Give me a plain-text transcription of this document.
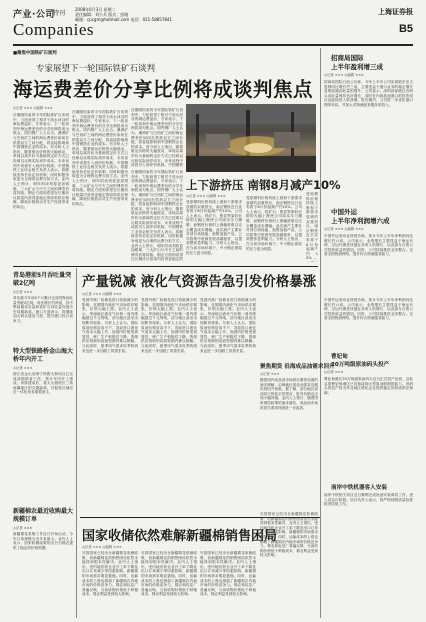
产业·公司
特刊
2008年6月3日 星期二
责任编辑：刘小兵 版式：彭晓
邮箱：cpcgm@hotmail.com 电话：021-58857841
上海证券报
Companies	B5
■聚焦中国铁矿石谈判
专家展望下一轮国际铁矿石谈判
海运费差价分享比例将成谈判焦点
◎记者 ××× ◎编辑 ×××
在刚刚结束的今年国际铁矿石谈判中，力拓获得了相对于淡水河谷的海运费溢价，专家表示，下一轮谈判中海运费差价的分享比例将成为焦点。国内钢厂人士认为，澳洲矿与巴西矿之间的海运费差价如何在供需双方之间分配，将直接影响到中国钢铁企业的成本。有分析人士指出，随着航运价格的大幅波动，单纯以离岸价为基础的定价方式已经难以反映实际到岸成本，未来谈判中或将引入到岸价机制。中国钢铁工业协会相关负责人表示，将继续坚持长协定价机制，同时积极争取更为合理的运费分担方式。业内人士预计，明年的谈判将更加艰难，三大矿山与中方之间的博弈仍将持续。钢企方面则希望在长期协议框架内获得更稳定的原料供应保障，降低价格波动对生产经营带来的冲击。
在刚刚结束的今年国际铁矿石谈判中，力拓获得了相对于淡水河谷的海运费溢价，专家表示，下一轮谈判中海运费差价的分享比例将成为焦点。国内钢厂人士认为，澳洲矿与巴西矿之间的海运费差价如何在供需双方之间分配，将直接影响到中国钢铁企业的成本。有分析人士指出，随着航运价格的大幅波动，单纯以离岸价为基础的定价方式已经难以反映实际到岸成本，未来谈判中或将引入到岸价机制。中国钢铁工业协会相关负责人表示，将继续坚持长协定价机制，同时积极争取更为合理的运费分担方式。业内人士预计，明年的谈判将更加艰难，三大矿山与中方之间的博弈仍将持续。钢企方面则希望在长期协议框架内获得更稳定的原料供应保障，降低价格波动对生产经营带来的冲击。
在刚刚结束的今年国际铁矿石谈判中，力拓获得了相对于淡水河谷的海运费溢价，专家表示，下一轮谈判中海运费差价的分享比例将成为焦点。国内钢厂人士认为，澳洲矿与巴西矿之间的海运费差价如何在供需双方之间分配，将直接影响到中国钢铁企业的成本。有分析人士指出，随着航运价格的大幅波动，单纯以离岸价为基础的定价方式已经难以反映实际到岸成本，未来谈判中或将引入到岸价机制。中国钢铁
在刚刚结束的今年国际铁矿石谈判中，力拓获得了相对于淡水河谷的海运费溢价，专家表示，下一轮谈判中海运费差价的分享比例将成为焦点。国内钢厂人士认为，澳洲矿与巴西矿之间的海运费差价如何在供需双方之间分配，将直接影响到中国钢铁企业的成本。有分析人士指出，随着航运价格的大幅波动，单纯以离岸价为基础的定价方式已经难以反映实际到岸成本，未来谈判中或将引入到岸价机制。中国钢铁工业协会相关负责人表示，将继续坚持长协定价机制，同时积极争取更为合理的运费分担方式。业内人士预计，明年的谈判将更加艰难，三大矿山与中方之间的博弈仍将持续。钢企方面则希望在长期协议框架内获得更稳定的
上下游挤压 南钢8月减产10%
◎记者 ××× ◎编辑 ×××
受原燃料价格持续上涨和下游需求放缓的双重挤压，南京钢铁近日宣布将于8月份起减产约10%。公司人士表示，铁矿石、焦炭等原料价格的大幅上涨使公司成本压力骤增，而钢材价格的上涨幅度难以完全覆盖成本增幅。此次减产主要针对部分高耗能、低附加值产品，公司将集中资源发展高端板材，以提高整体盈利能力。分析人士指出，在当前市场环境下，中小钢企面临的压力更为明显。
受原燃料价格持续上涨和下游需求放缓的双重挤压，南京钢铁近日宣布将于8月份起减产约10%。公司人士表示，铁矿石、焦炭等原料价格的大幅上涨使公司成本压力骤增，而钢材价格的上涨幅度难以完全覆盖成本增幅。此次减产主要针对部分高耗能、低附加值产品，公司将集中资源发展高端板材，以提高整体盈利能力。分析人士指出，在当前市场环境下，中小钢企面临的压力更为明显。
受原燃料价格持续上涨和下游需求放缓的双重挤压，南京钢铁近日宣布将于8月份起减产约10%。
招商局国际
上半年盈利增三成
◎记者 ××× ◎编辑 ×××
招商局国际日前公告称，今年上半年公司实现股东应占盈利同比增长约三成，主要受益于港口业务的稳定增长及集装箱吞吐量的提升。公司表示，深圳西部港区各码头吞吐量保持良好增长，同时在内地其他港口的投资项目也陆续进入收获期。报告期内，公司进一步优化港口网络布局，并加大对物流配套服务的投入。
中国外运
上半年净利润增六成
◎记者 ××× ◎编辑 ×××
中国外运发布业绩预告称，预计今年上半年净利润同比增长约六成。公司表示，业绩增长主要得益于海运代理、空运代理及快递业务收入的增长，以及部分合资公司投资收益的增加。同时，公司持续推进业务整合，完善全国物流网络，提升综合物流服务能力。
青岛港前5月吞吐量突破2亿吨
◎记者 ×××
青岛港今年前5个月累计完成货物吞吐量突破2亿吨，同比增长约两成，其中集装箱吞吐量和铁矿石吞吐量均创历史同期新高。港口方面表示，将继续加大码头建设力度，提升港口综合竞争力。
特大型铁路桥金山海大桥年内开工
◎记者 ×××
浙江省金山至海宁铁路大桥项目已完成前期准备工作，预计年内开工建设。该桥建成后，将大大缩短长三角南翼地区的交通距离，对促进区域经济一体化具有重要意义。
新疆棉农最近收购最大规模订单
◎记者 ×××
新疆棉花收购工作近日开始启动，今年订单规模为近年来最大。业内人士表示，国家收储政策的出台为棉农提供了稳定的价格预期。
产量锐减 液化气资源告急引发价格暴涨
◎记者 ××× ◎编辑 ×××
受国内炼厂检修及进口资源减少的影响，近期国内液化气市场供应紧张，价格大幅上涨。业内人士表示，华南地区液化气价格一周内涨幅超过千元每吨，部分地区甚至出现断货现象。分析人士认为，国际原油价格居高不下，导致进口液化气成本大幅上升，而国内价格受到管控，炼厂生产积极性下降，资源供应短缺的局面短期内难以缓解。与此同时，夏季用气需求旺季的到来也进一步加剧了供需矛盾。
受国内炼厂检修及进口资源减少的影响，近期国内液化气市场供应紧张，价格大幅上涨。业内人士表示，华南地区液化气价格一周内涨幅超过千元每吨，部分地区甚至出现断货现象。分析人士认为，国际原油价格居高不下，导致进口液化气成本大幅上升，而国内价格受到管控，炼厂生产积极性下降，资源供应短缺的局面短期内难以缓解。与此同时，夏季用气需求旺季的到来也进一步加剧了供需矛盾。
受国内炼厂检修及进口资源减少的影响，近期国内液化气市场供应紧张，价格大幅上涨。业内人士表示，华南地区液化气价格一周内涨幅超过千元每吨，部分地区甚至出现断货现象。分析人士认为，国际原油价格居高不下，导致进口液化气成本大幅上升，而国内价格受到管控，炼厂生产积极性下降，资源供应短缺的局面短期内难以缓解。与此同时，夏季用气需求旺季的到来也进一步加剧了供需矛盾。
聚焦期货 沿海成品油需求回升
◎记者 ×××
随着国内成品油市场供应紧张局面的逐步缓解，沿海地区成品油需求近期出现回升迹象。据了解，部分地区加油站已恢复正常供应，批发价格也出现小幅回落。业内人士预计，随着国家调控政策的逐步落实，成品油市场供需关系将得到进一步改善。
中国外运发布业绩预告称，预计今年上半年净利润同比增长约六成。公司表示，业绩增长主要得益于海运代理、空运代理及快递业务收入的增长，以及部分合资公司投资收益的增加。同时，公司持续推进业务整合，完善全国物流网络，提升综合物流服务能力。
曹妃甸
20万吨级原油码头投产
◎记者 ×××
曹妃甸港区20万吨级原油码头近日正式投产运营，这标志着曹妃甸港区已具备接卸大型原油船舶的能力。该码头的投产将为华北地区炼化企业提供稳定的原油供应保障。
国家收储依然难解新疆棉销售困局
◎记者 ××× ◎编辑 ×××
尽管国家已经出台新疆棉花收储政策，但新疆棉花的销售困局依然未能得到根本性解决。业内人士指出，受内地纺织企业开工率下降及出口订单减少等因素影响，新疆棉的市场需求明显萎缩。同时，运输成本的上涨也削弱了新疆棉在内地市场的价格竞争力。棉农和轧花厂普遍反映，当前收购价格低于种植成本，棉农利益受到较大影响。
尽管国家已经出台新疆棉花收储政策，但新疆棉花的销售困局依然未能得到根本性解决。业内人士指出，受内地纺织企业开工率下降及出口订单减少等因素影响，新疆棉的市场需求明显萎缩。同时，运输成本的上涨也削弱了新疆棉在内地市场的价格竞争力。棉农和轧花厂普遍反映，当前收购价格低于种植成本，棉农利益受到较大影响。
尽管国家已经出台新疆棉花收储政策，但新疆棉花的销售困局依然未能得到根本性解决。业内人士指出，受内地纺织企业开工率下降及出口订单减少等因素影响，新疆棉的市场需求明显萎缩。同时，运输成本的上涨也削弱了新疆棉在内地市场的价格竞争力。棉农和轧花厂普遍反映，当前收购价格低于种植成本，棉农利益受到较大影响。
尽管国家已经出台新疆棉花收储政策，但新疆棉花的销售困局依然未能得到根本性解决。业内人士指出，受内地纺织企业开工率下降及出口订单减少等因素影响，新疆棉的市场需求明显萎缩。同时，运输成本的上涨也削弱了新疆棉在内地市场的价格竞争力。棉农和轧花厂普遍反映，当前收购价格低于种植成本，棉农利益受到较大影响。
南岸中铁机器客人安装
南岸中铁相关项目近日顺利完成设备安装调试工作，进入试运行阶段。项目负责人表示，将严格按照质量标准推进后续工作。
